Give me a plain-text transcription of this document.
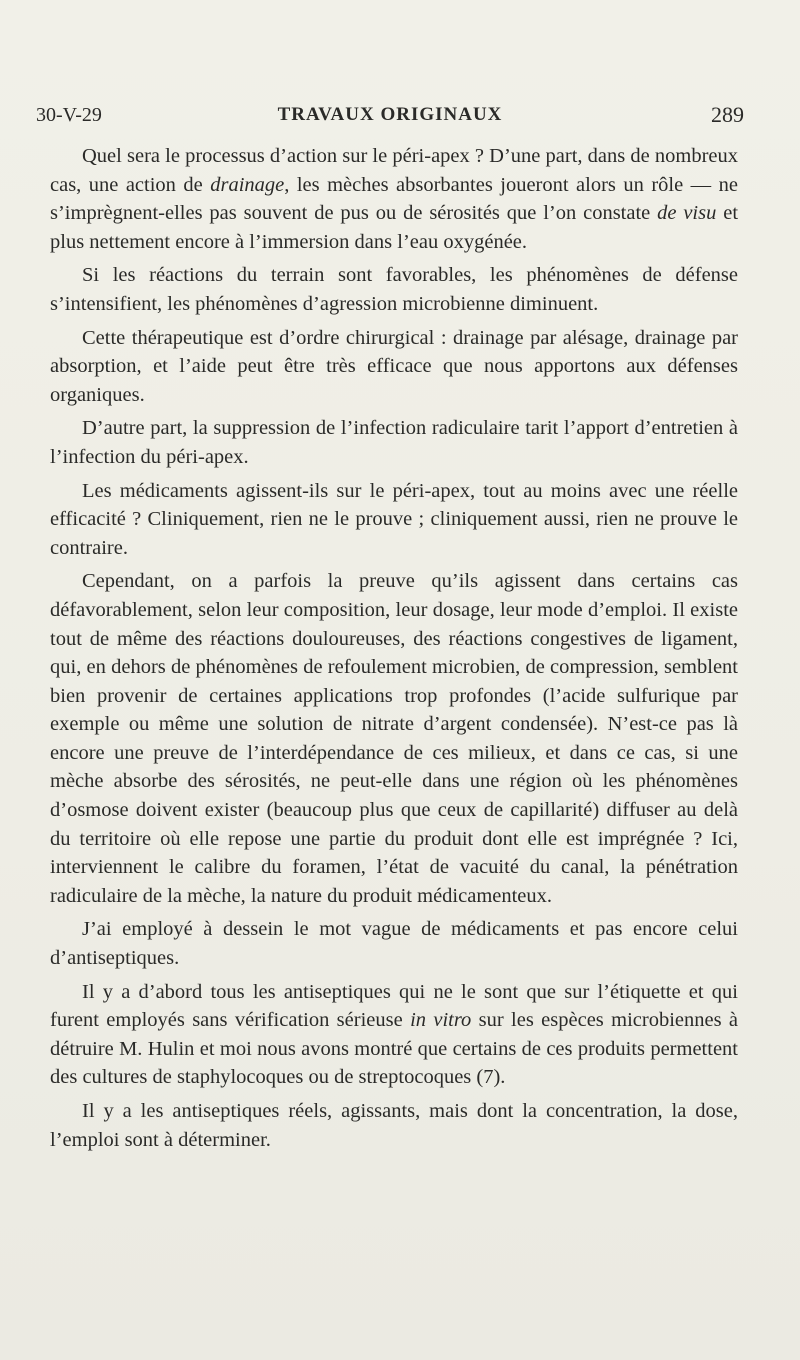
30-V-29	TRAVAUX ORIGINAUX	289

Quel sera le processus d’action sur le péri-apex ? D’une part, dans de nombreux cas, une action de drainage, les mèches absorbantes joueront alors un rôle — ne s’imprègnent-elles pas souvent de pus ou de sérosités que l’on constate de visu et plus nettement encore à l’immersion dans l’eau oxygénée.

Si les réactions du terrain sont favorables, les phénomènes de défense s’intensifient, les phénomènes d’agression microbienne diminuent.

Cette thérapeutique est d’ordre chirurgical : drainage par alésage, drainage par absorption, et l’aide peut être très efficace que nous apportons aux défenses organiques.

D’autre part, la suppression de l’infection radiculaire tarit l’apport d’entretien à l’infection du péri-apex.

Les médicaments agissent-ils sur le péri-apex, tout au moins avec une réelle efficacité ? Cliniquement, rien ne le prouve ; cliniquement aussi, rien ne prouve le contraire.

Cependant, on a parfois la preuve qu’ils agissent dans certains cas défavorablement, selon leur composition, leur dosage, leur mode d’emploi. Il existe tout de même des réactions douloureuses, des réactions congestives de ligament, qui, en dehors de phénomènes de refoulement microbien, de compression, semblent bien provenir de certaines applications trop profondes (l’acide sulfurique par exemple ou même une solution de nitrate d’argent condensée). N’est-ce pas là encore une preuve de l’interdépendance de ces milieux, et dans ce cas, si une mèche absorbe des sérosités, ne peut-elle dans une région où les phénomènes d’osmose doivent exister (beaucoup plus que ceux de capillarité) diffuser au delà du territoire où elle repose une partie du produit dont elle est imprégnée ? Ici, interviennent le calibre du foramen, l’état de vacuité du canal, la pénétration radiculaire de la mèche, la nature du produit médicamenteux.

J’ai employé à dessein le mot vague de médicaments et pas encore celui d’antiseptiques.

Il y a d’abord tous les antiseptiques qui ne le sont que sur l’étiquette et qui furent employés sans vérification sérieuse in vitro sur les espèces microbiennes à détruire M. Hulin et moi nous avons montré que certains de ces produits permettent des cultures de staphylocoques ou de streptocoques (7).

Il y a les antiseptiques réels, agissants, mais dont la concentration, la dose, l’emploi sont à déterminer.
